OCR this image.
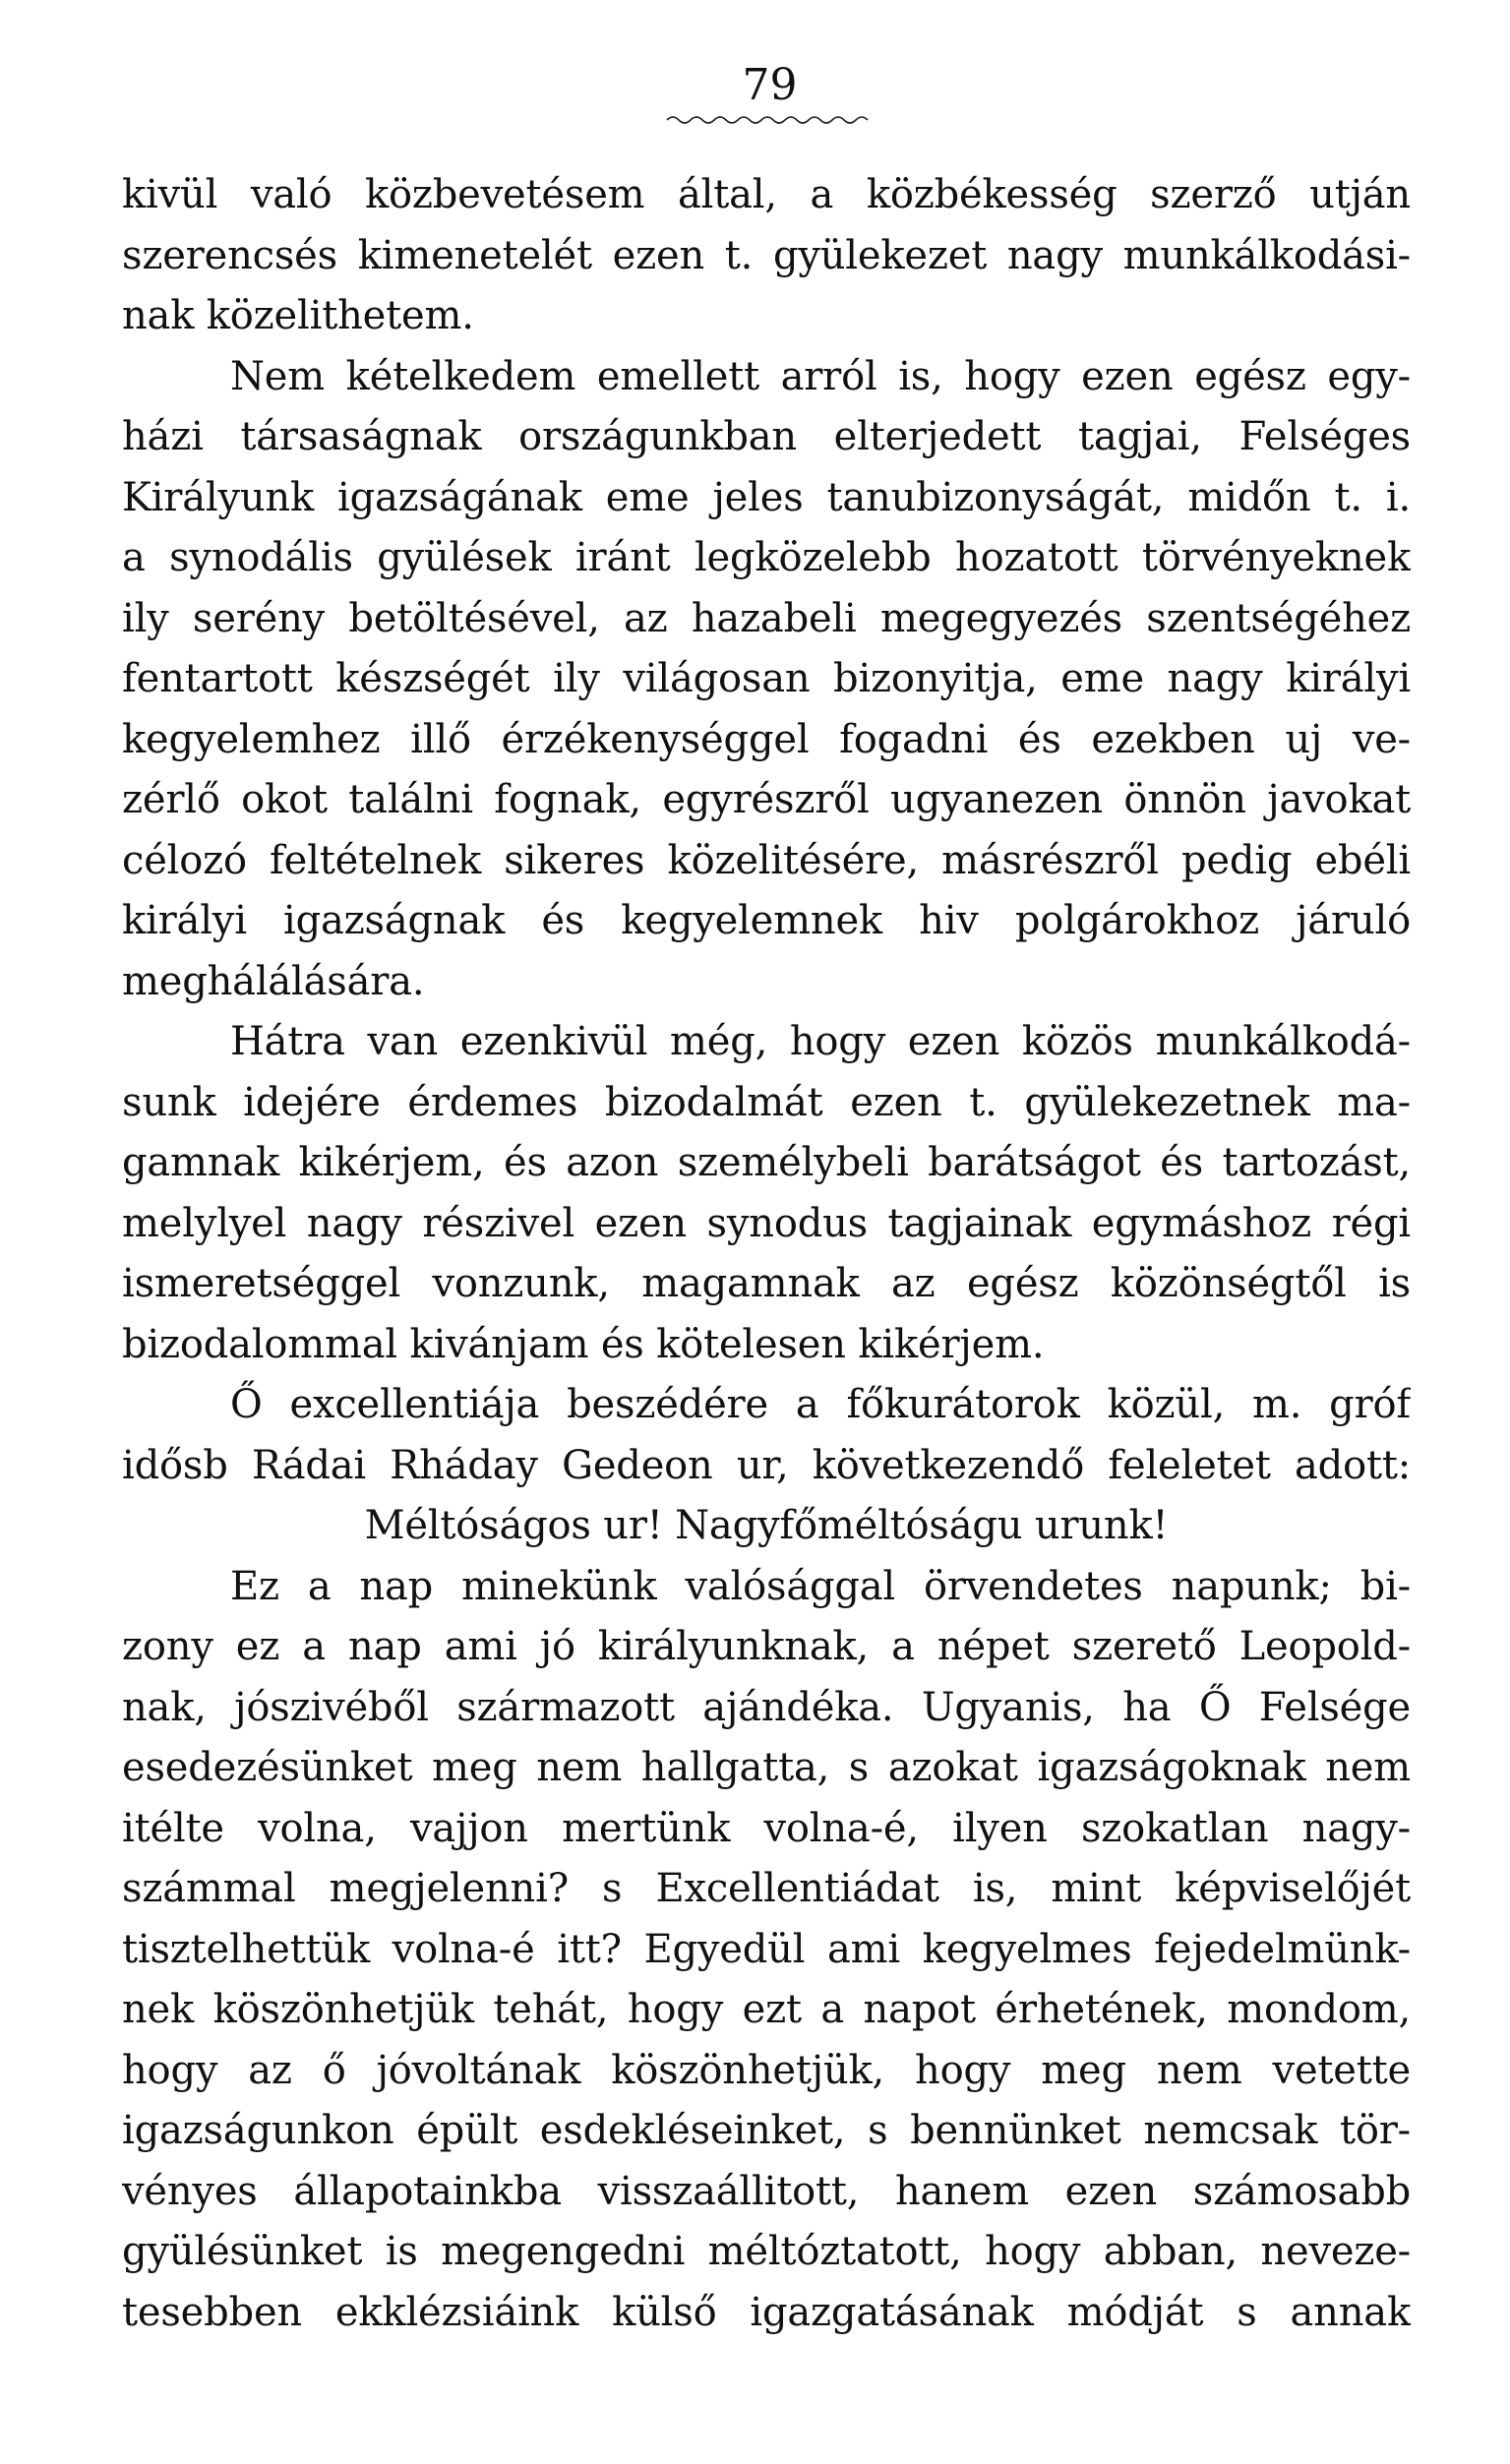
79
kivül való közbevetésem által, a közbékesség szerző utján
szerencsés kimenetelét ezen t. gyülekezet nagy munkálkodási-
nak közelithetem.
Nem kételkedem emellett arról is, hogy ezen egész egy-
házi társaságnak országunkban elterjedett tagjai, Felséges
Királyunk igazságának eme jeles tanubizonyságát, midőn t. i.
a synodális gyülések iránt legközelebb hozatott törvényeknek
ily serény betöltésével, az hazabeli megegyezés szentségéhez
fentartott készségét ily világosan bizonyitja, eme nagy királyi
kegyelemhez illő érzékenységgel fogadni és ezekben uj ve-
zérlő okot találni fognak, egyrészről ugyanezen önnön javokat
célozó feltételnek sikeres közelitésére, másrészről pedig ebéli
királyi igazságnak és kegyelemnek hiv polgárokhoz járuló
meghálálására.
Hátra van ezenkivül még, hogy ezen közös munkálkodá-
sunk idejére érdemes bizodalmát ezen t. gyülekezetnek ma-
gamnak kikérjem, és azon személybeli barátságot és tartozást,
melylyel nagy részivel ezen synodus tagjainak egymáshoz régi
ismeretséggel vonzunk, magamnak az egész közönségtől is
bizodalommal kivánjam és kötelesen kikérjem.
Ő excellentiája beszédére a főkurátorok közül, m. gróf
idősb Rádai Rháday Gedeon ur, következendő feleletet adott:
Méltóságos ur! Nagyfőméltóságu urunk!
Ez a nap minekünk valósággal örvendetes napunk; bi-
zony ez a nap ami jó királyunknak, a népet szerető Leopold-
nak, jószivéből származott ajándéka. Ugyanis, ha Ő Felsége
esedezésünket meg nem hallgatta, s azokat igazságoknak nem
itélte volna, vajjon mertünk volna-é, ilyen szokatlan nagy-
számmal megjelenni? s Excellentiádat is, mint képviselőjét
tisztelhettük volna-é itt? Egyedül ami kegyelmes fejedelmünk-
nek köszönhetjük tehát, hogy ezt a napot érhetének, mondom,
hogy az ő jóvoltának köszönhetjük, hogy meg nem vetette
igazságunkon épült esdekléseinket, s bennünket nemcsak tör-
vényes állapotainkba visszaállitott, hanem ezen számosabb
gyülésünket is megengedni méltóztatott, hogy abban, neveze-
tesebben ekklézsiáink külső igazgatásának módját s annak
